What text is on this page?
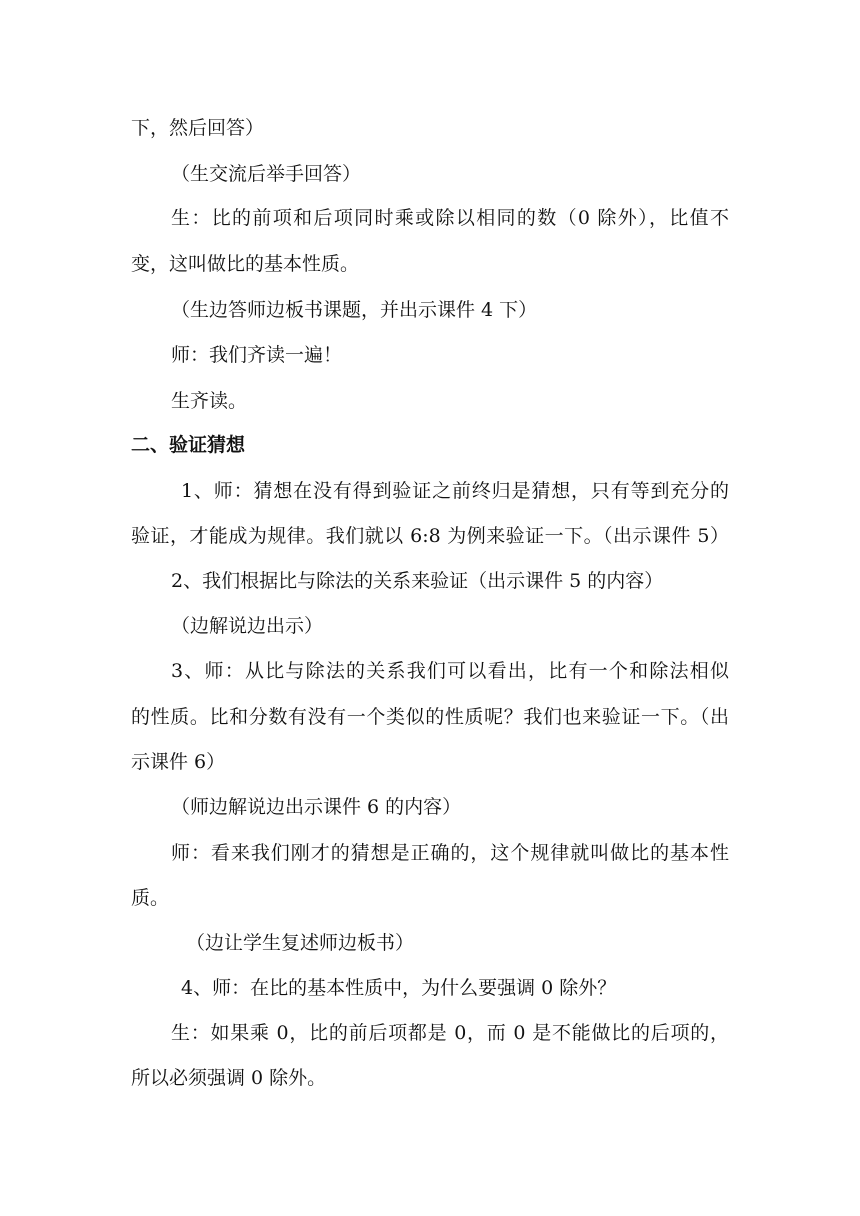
下，然后回答）
（生交流后举手回答）
生：比的前项和后项同时乘或除以相同的数（0 除外），比值不
变，这叫做比的基本性质。
（生边答师边板书课题，并出示课件 4 下）
师：我们齐读一遍！
生齐读。
二、验证猜想
1、师：猜想在没有得到验证之前终归是猜想，只有等到充分的
验证，才能成为规律。我们就以 6:8 为例来验证一下。（出示课件 5）
2、我们根据比与除法的关系来验证（出示课件 5 的内容）
（边解说边出示）
3、师：从比与除法的关系我们可以看出，比有一个和除法相似
的性质。比和分数有没有一个类似的性质呢？我们也来验证一下。（出
示课件 6）
（师边解说边出示课件 6 的内容）
师：看来我们刚才的猜想是正确的，这个规律就叫做比的基本性
质。
（边让学生复述师边板书）
4、师：在比的基本性质中，为什么要强调 0 除外？
生：如果乘 0，比的前后项都是 0，而 0 是不能做比的后项的，
所以必须强调 0 除外。
